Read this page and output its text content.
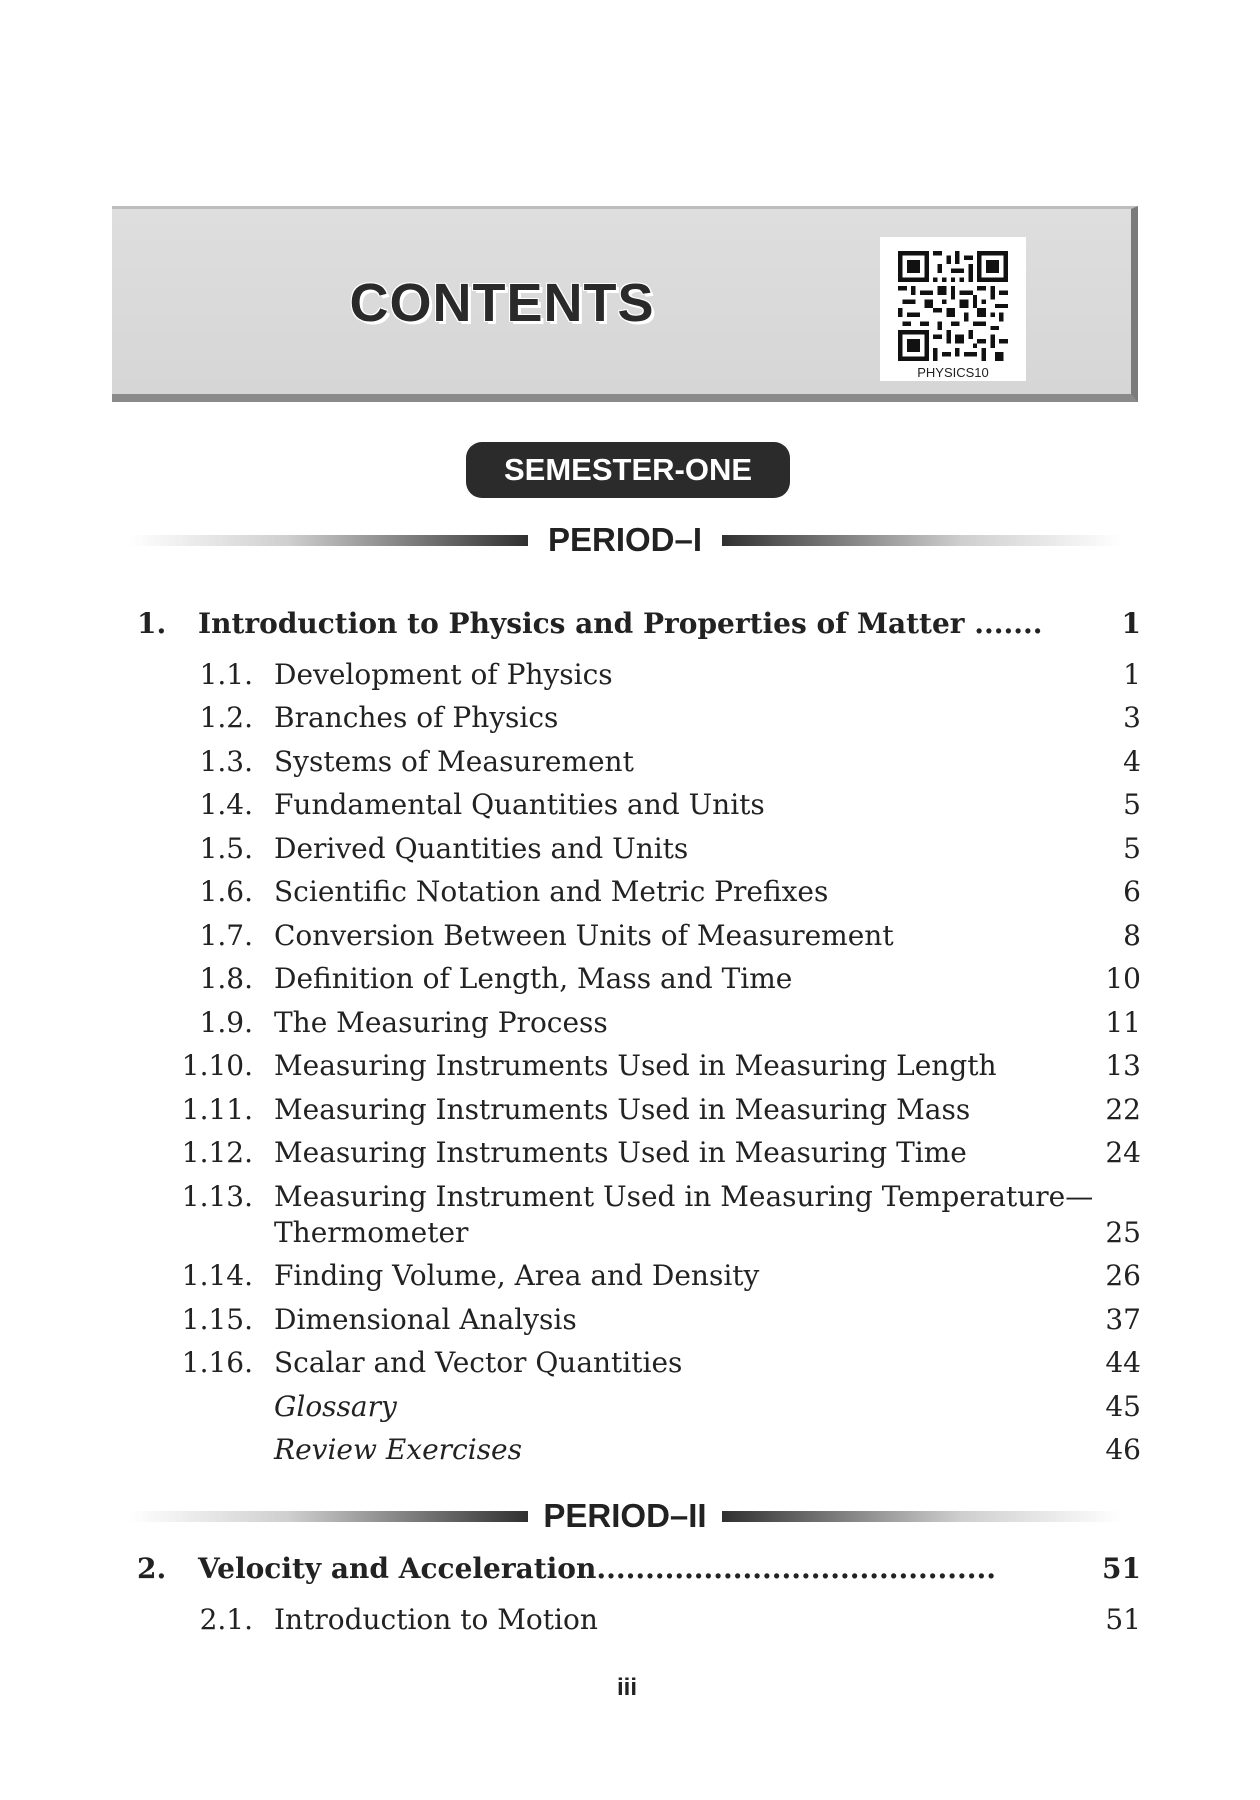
CONTENTS
PHYSICS10
SEMESTER-ONE
PERIOD–I
1. Introduction to Physics and Properties of Matter .......	1
1.1. Development of Physics	1
1.2. Branches of Physics	3
1.3. Systems of Measurement	4
1.4. Fundamental Quantities and Units	5
1.5. Derived Quantities and Units	5
1.6. Scientific Notation and Metric Prefixes	6
1.7. Conversion Between Units of Measurement	8
1.8. Definition of Length, Mass and Time	10
1.9. The Measuring Process	11
1.10. Measuring Instruments Used in Measuring Length	13
1.11. Measuring Instruments Used in Measuring Mass	22
1.12. Measuring Instruments Used in Measuring Time	24
1.13. Measuring Instrument Used in Measuring Temperature—
Thermometer	25
1.14. Finding Volume, Area and Density	26
1.15. Dimensional Analysis	37
1.16. Scalar and Vector Quantities	44
Glossary	45
Review Exercises	46
PERIOD–II
2. Velocity and Acceleration.........................................	51
2.1. Introduction to Motion	51
iii
